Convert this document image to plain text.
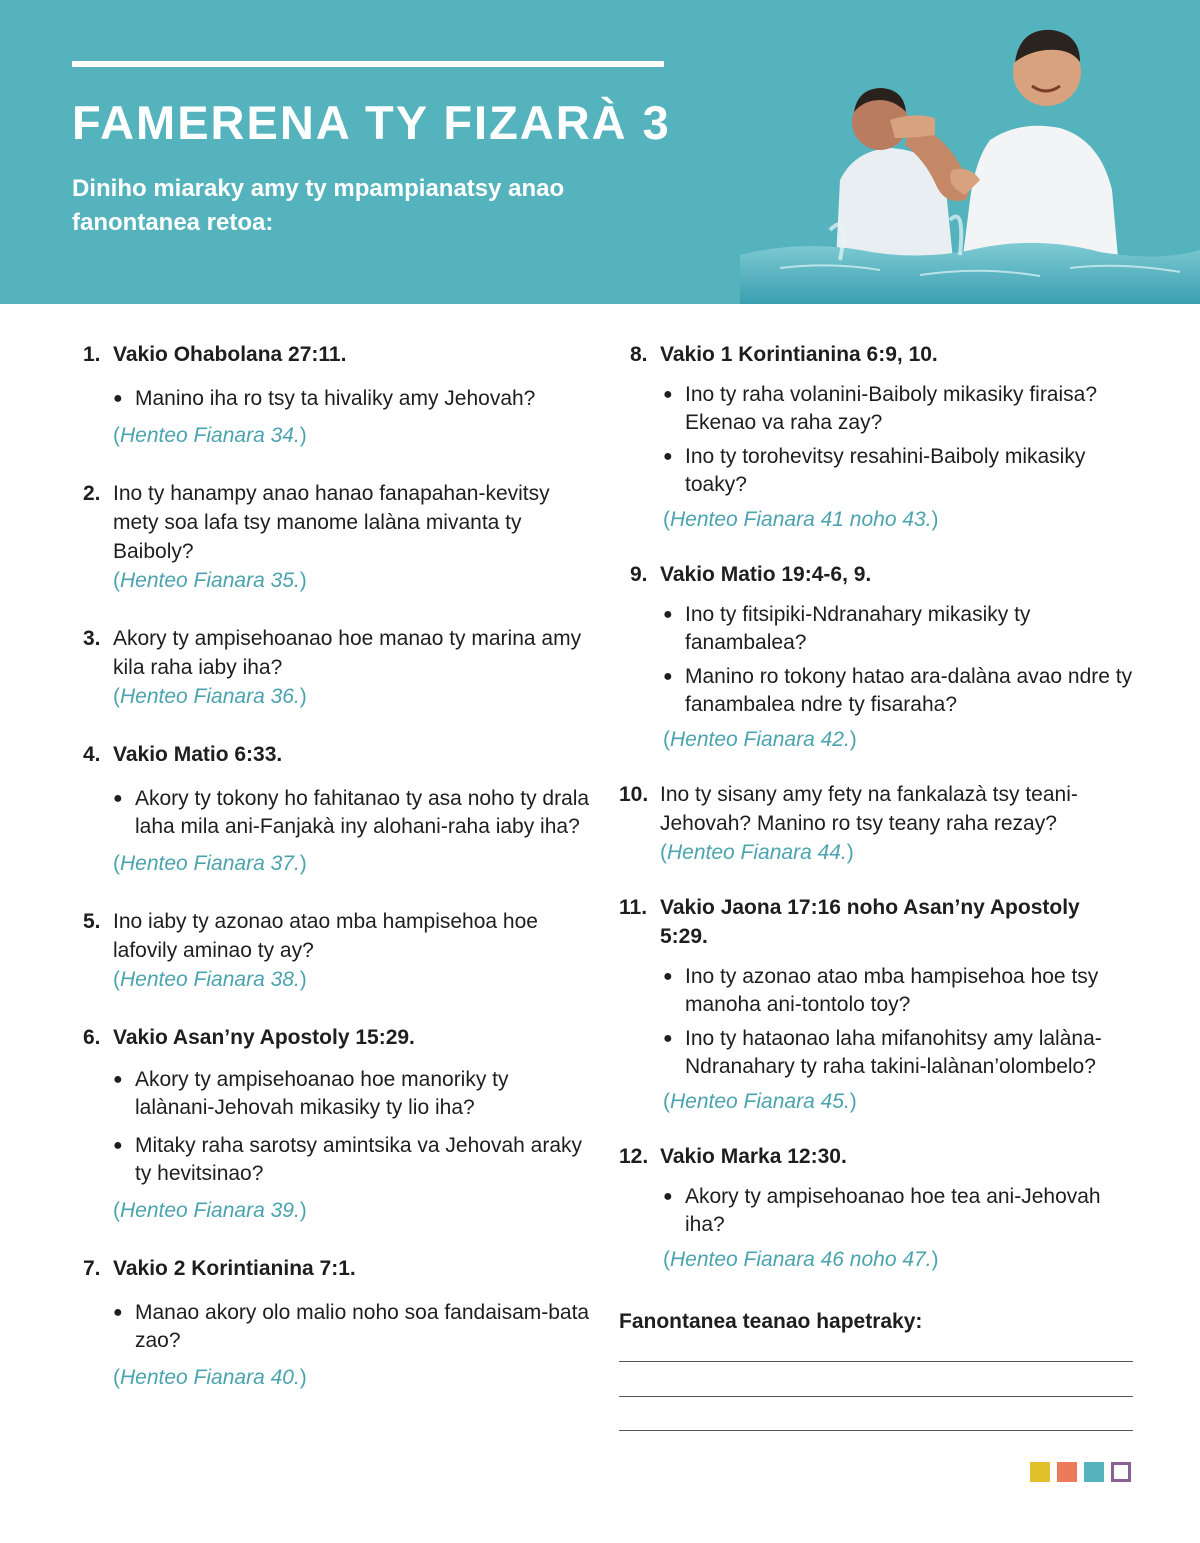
FAMERENA TY FIZARÀ 3

Diniho miaraky amy ty mpampianatsy anao fanontanea retoa:

1. Vakio Ohabolana 27:11.
● Manino iha ro tsy ta hivaliky amy Jehovah?
(Henteo Fianara 34.)
2. Ino ty hanampy anao hanao fanapahan-kevitsy mety soa lafa tsy manome lalàna mivanta ty Baiboly?
(Henteo Fianara 35.)
3. Akory ty ampisehoanao hoe manao ty marina amy kila raha iaby iha?
(Henteo Fianara 36.)
4. Vakio Matio 6:33.
● Akory ty tokony ho fahitanao ty asa noho ty drala laha mila ani-Fanjakà iny alohani-raha iaby iha?
(Henteo Fianara 37.)
5. Ino iaby ty azonao atao mba hampisehoa hoe lafovily aminao ty ay?
(Henteo Fianara 38.)
6. Vakio Asan’ny Apostoly 15:29.
● Akory ty ampisehoanao hoe manoriky ty lalànani-Jehovah mikasiky ty lio iha?
● Mitaky raha sarotsy amintsika va Jehovah araky ty hevitsinao?
(Henteo Fianara 39.)
7. Vakio 2 Korintianina 7:1.
● Manao akory olo malio noho soa fandaisam-bata zao?
(Henteo Fianara 40.)
8. Vakio 1 Korintianina 6:9, 10.
● Ino ty raha volanini-Baiboly mikasiky firaisa? Ekenao va raha zay?
● Ino ty torohevitsy resahini-Baiboly mikasiky toaky?
(Henteo Fianara 41 noho 43.)
9. Vakio Matio 19:4-6, 9.
● Ino ty fitsipiki-Ndranahary mikasiky ty fanambalea?
● Manino ro tokony hatao ara-dalàna avao ndre ty fanambalea ndre ty fisaraha?
(Henteo Fianara 42.)
10. Ino ty sisany amy fety na fankalazà tsy teani-Jehovah? Manino ro tsy teany raha rezay?
(Henteo Fianara 44.)
11. Vakio Jaona 17:16 noho Asan’ny Apostoly 5:29.
● Ino ty azonao atao mba hampisehoa hoe tsy manoha ani-tontolo toy?
● Ino ty hataonao laha mifanohitsy amy lalàna-Ndranahary ty raha takini-lalànan’olombelo?
(Henteo Fianara 45.)
12. Vakio Marka 12:30.
● Akory ty ampisehoanao hoe tea ani-Jehovah iha?
(Henteo Fianara 46 noho 47.)
Fanontanea teanao hapetraky:
